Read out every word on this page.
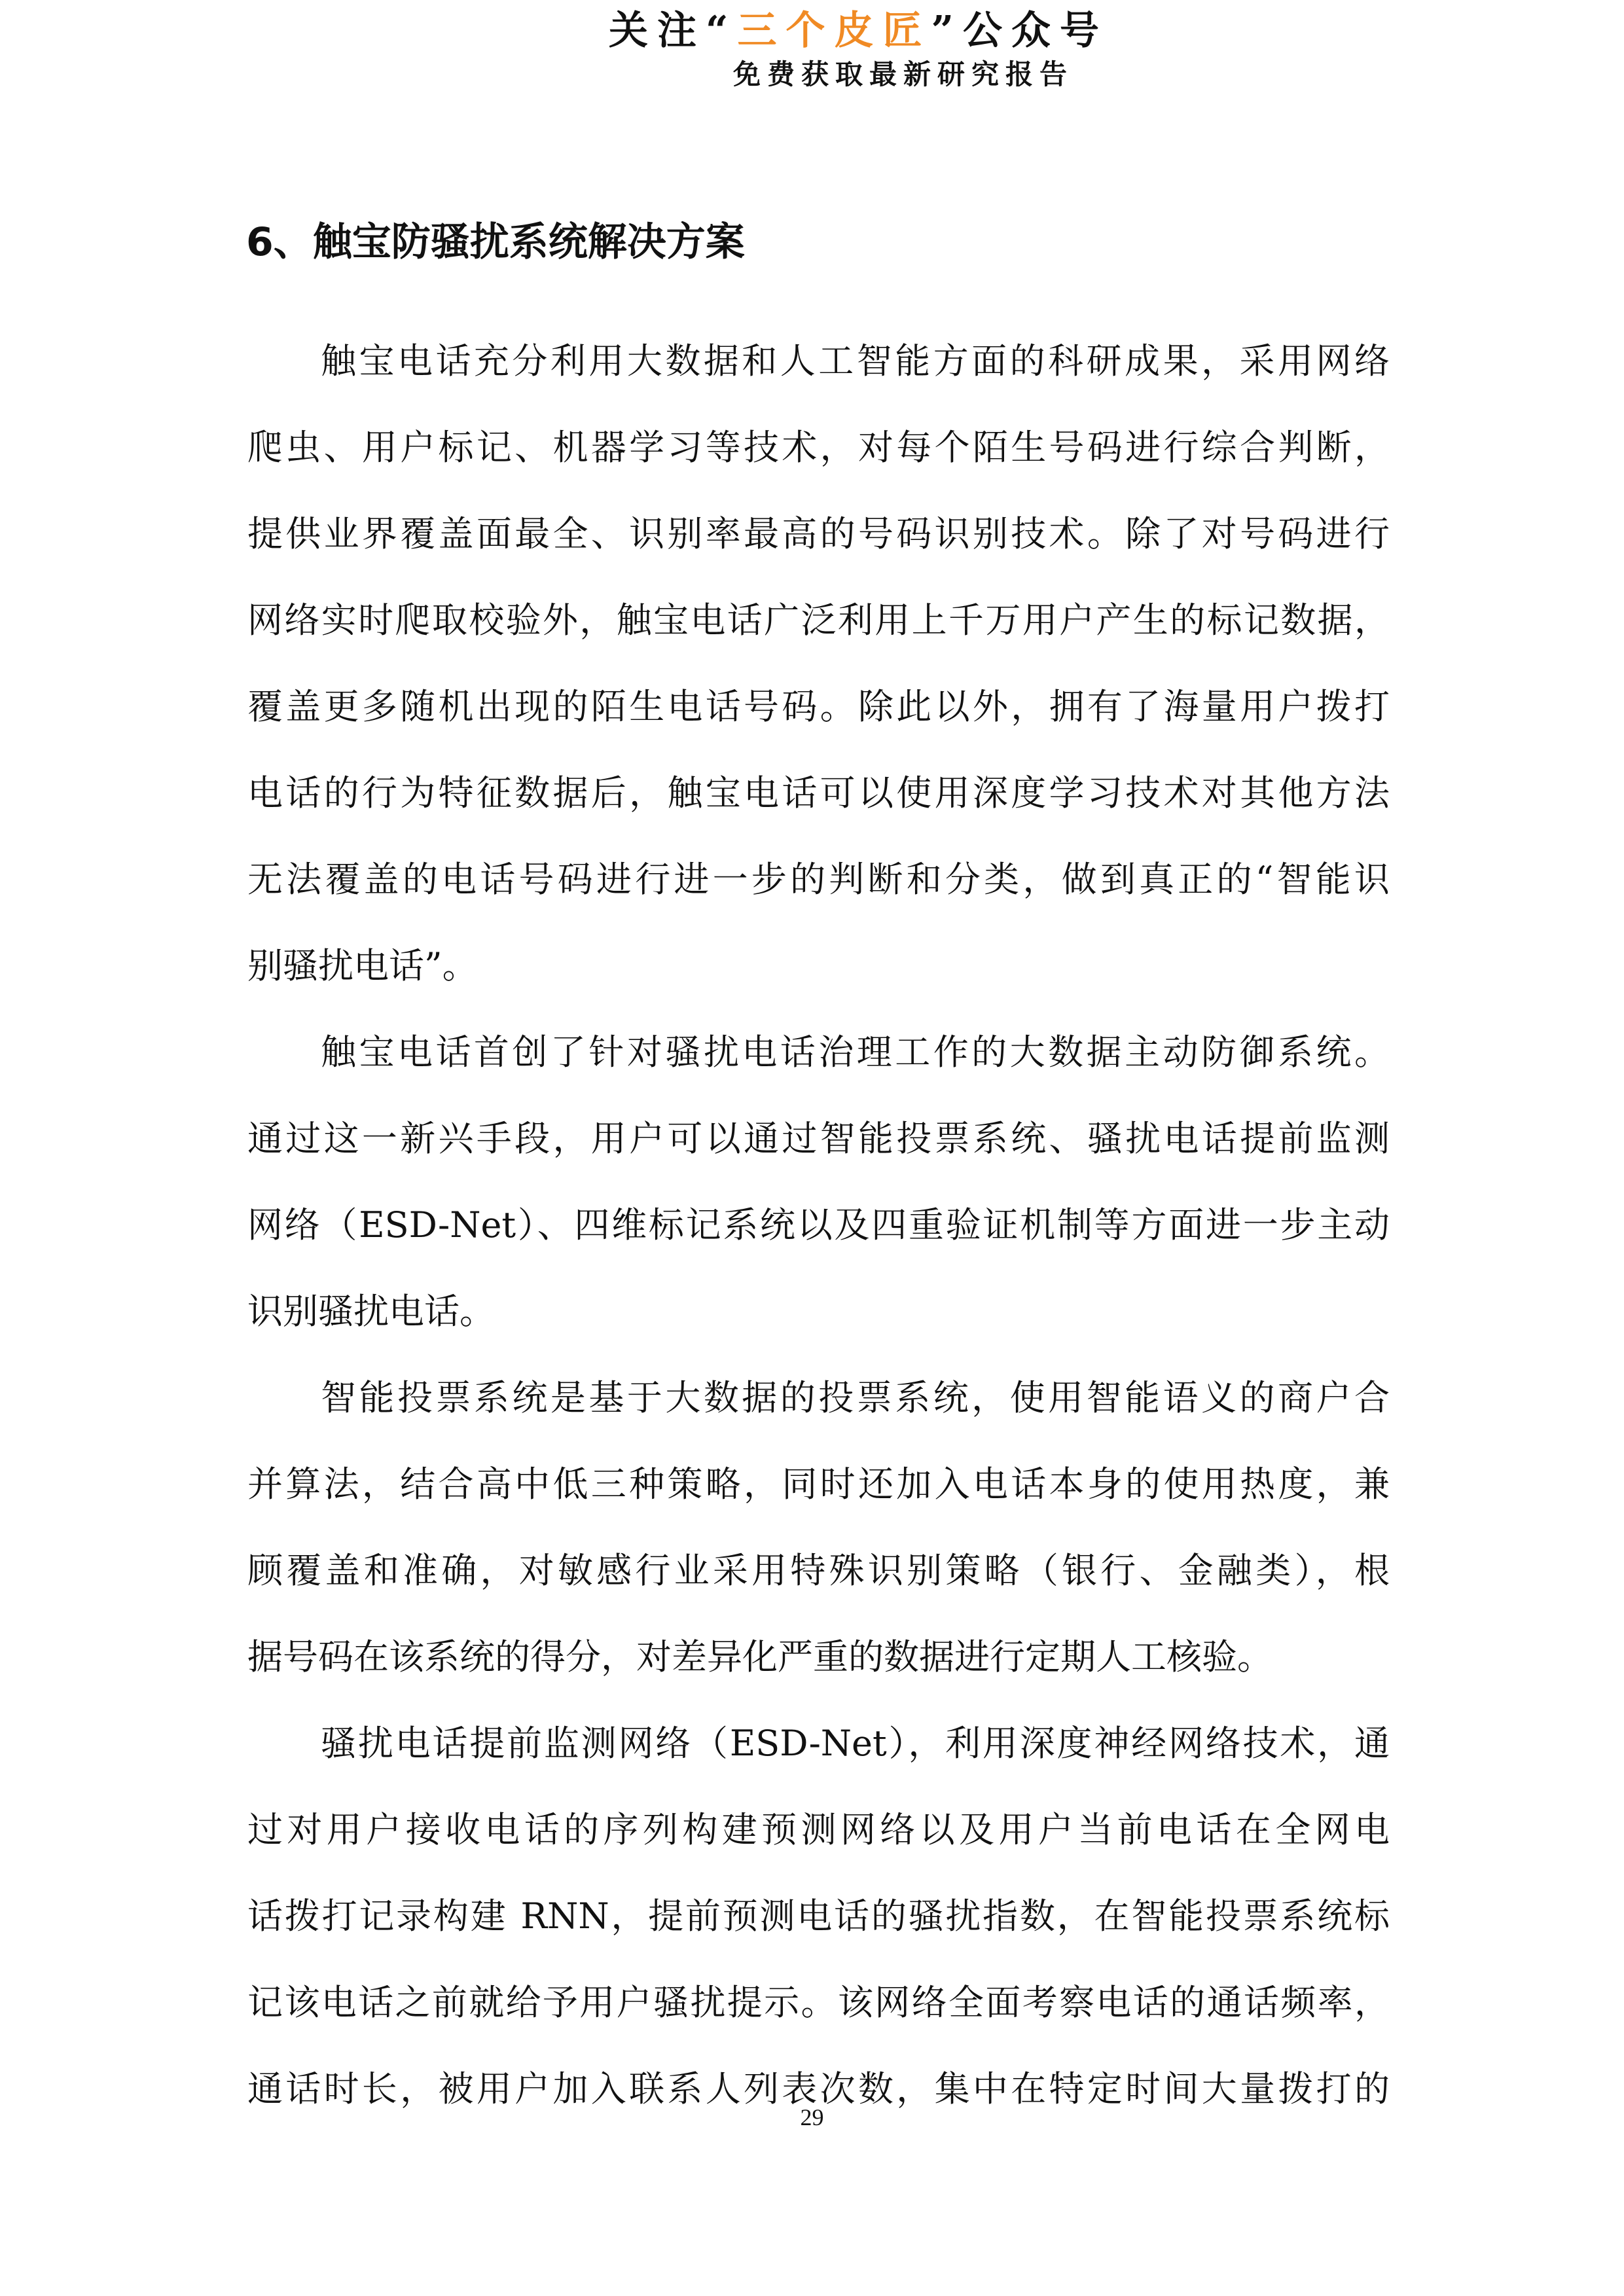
关注“三个皮匠”公众号
免费获取最新研究报告
6、触宝防骚扰系统解决方案
触宝电话充分利用大数据和人工智能方面的科研成果，采用网络
爬虫、用户标记、机器学习等技术，对每个陌生号码进行综合判断，
提供业界覆盖面最全、识别率最高的号码识别技术。除了对号码进行
网络实时爬取校验外，触宝电话广泛利用上千万用户产生的标记数据，
覆盖更多随机出现的陌生电话号码。除此以外，拥有了海量用户拨打
电话的行为特征数据后，触宝电话可以使用深度学习技术对其他方法
无法覆盖的电话号码进行进一步的判断和分类，做到真正的“智能识
别骚扰电话”。
触宝电话首创了针对骚扰电话治理工作的大数据主动防御系统。
通过这一新兴手段，用户可以通过智能投票系统、骚扰电话提前监测
网络（ESD-Net）、四维标记系统以及四重验证机制等方面进一步主动
识别骚扰电话。
智能投票系统是基于大数据的投票系统，使用智能语义的商户合
并算法，结合高中低三种策略，同时还加入电话本身的使用热度，兼
顾覆盖和准确，对敏感行业采用特殊识别策略（银行、金融类），根
据号码在该系统的得分，对差异化严重的数据进行定期人工核验。
骚扰电话提前监测网络（ESD-Net），利用深度神经网络技术，通
过对用户接收电话的序列构建预测网络以及用户当前电话在全网电
话拨打记录构建 RNN，提前预测电话的骚扰指数，在智能投票系统标
记该电话之前就给予用户骚扰提示。该网络全面考察电话的通话频率，
通话时长，被用户加入联系人列表次数，集中在特定时间大量拨打的
29
